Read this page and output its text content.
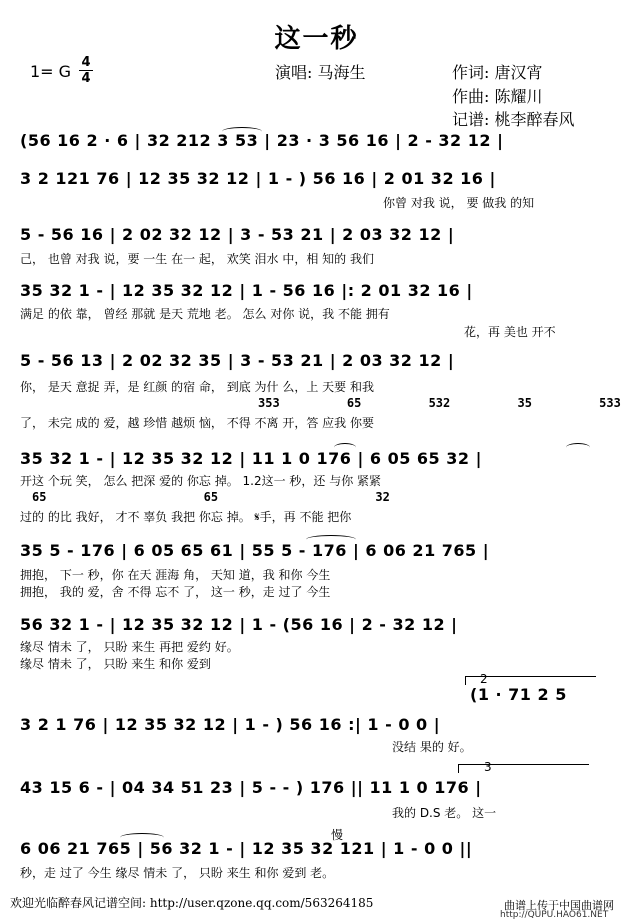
这一秒
1= G 4
4	演唱: 马海生	作词: 唐汉宵
作曲: 陈耀川
记谱: 桃李醉春风
(56 16 2 · 6 | 32 212 3 53 | 23 · 3 56 16 | 2 - 32 12 |
3 2 121 76 | 12 35 32 12 | 1 - ) 56 16 | 2 01 32 16 |
你曾 对我 说， 要 做我 的知
5 - 56 16 | 2 02 32 12 | 3 - 53 21 | 2 03 32 12 |
己， 也曾 对我 说，要 一生 在一 起， 欢笑 泪水 中，相 知的 我们
35 32 1 - | 12 35 32 12 | 1 - 56 16 |: 2 01 32 16 |
满足 的依 靠， 曾经 那就 是天 荒地 老。 怎么 对你 说，我 不能 拥有
花，再 美也 开不
5 - 56 13 | 2 02 32 35 | 3 - 53 21 | 2 03 32 12 |
你， 是天 意捉 弄，是 红颜 的宿 命， 到底 为什 么，上 天要 和我
353 65 532 35 533
了， 未完 成的 爱，越 珍惜 越烦 恼， 不得 不离 开，答 应我 你要
35 32 1 - | 12 35 32 12 | 11 1 0 176 | 6 05 65 32 |
开这 个玩 笑， 怎么 把深 爱的 你忘 掉。 1.2这一 秒，还 与你 紧紧
65 65 32
过的 的比 我好， 才不 辜负 我把 你忘 掉。 𝄋手，再 不能 把你
35 5 - 176 | 6 05 65 61 | 55 5 - 176 | 6 06 21 765 |
拥抱， 下一 秒，你 在天 涯海 角， 天知 道，我 和你 今生
拥抱， 我的 爱，舍 不得 忘不 了， 这一 秒，走 过了 今生
56 32 1 - | 12 35 32 12 | 1 - (56 16 | 2 - 32 12 |
缘尽 情未 了， 只盼 来生 再把 爱约 好。
缘尽 情未 了， 只盼 来生 和你 爱到
2
(1 · 71 2 5
3 2 1 76 | 12 35 32 12 | 1 - ) 56 16 :| 1 - 0 0 |
没结 果的 好。
3
43 15 6 - | 04 34 51 23 | 5 - - ) 176 || 11 1 0 176 |
我的 D.S 老。 这一
慢
6 06 21 765 | 56 32 1 - | 12 35 32 121 | 1 - 0 0 ||
秒，走 过了 今生 缘尽 情未 了， 只盼 来生 和你 爱到 老。
欢迎光临醉春风记谱空间: http://user.qzone.qq.com/563264185	曲谱上传于中国曲谱网
http://QUPU.HAO61.NET
